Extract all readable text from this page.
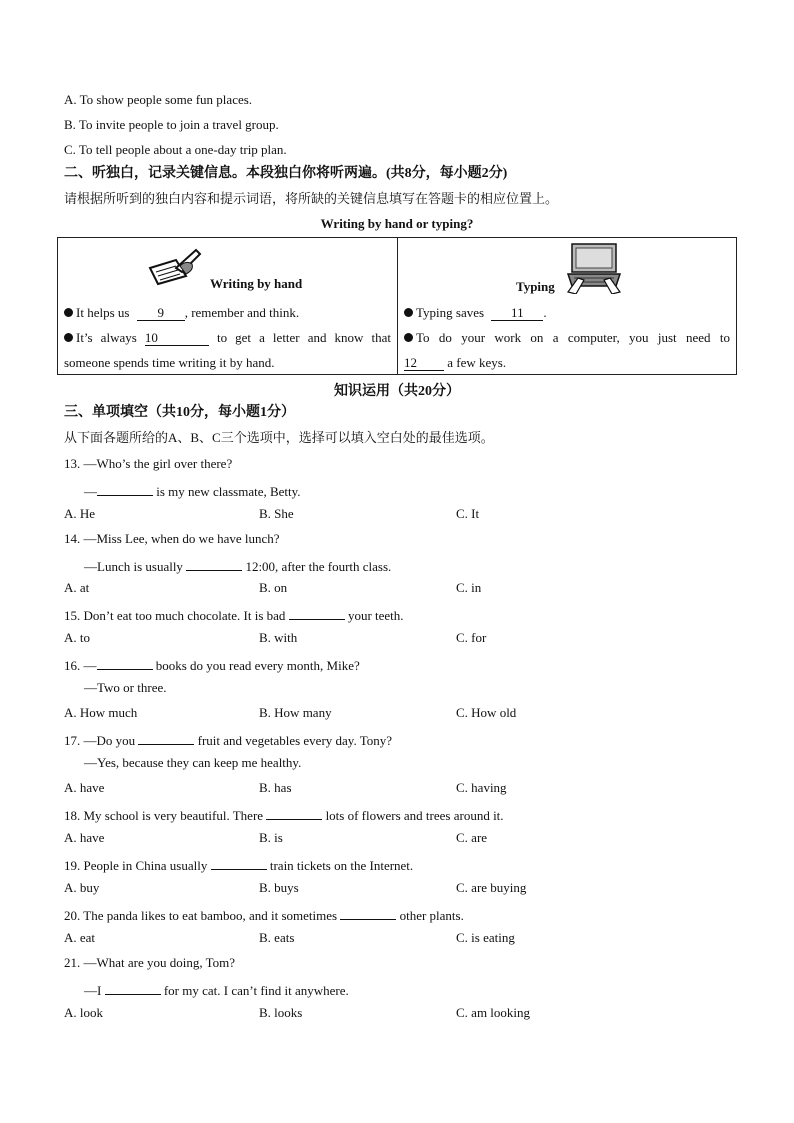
A. To show people some fun places.
B. To invite people to join a travel group.
C. To tell people about a one-day trip plan.
二、听独白，记录关键信息。本段独白你将听两遍。(共8分，每小题2分)
请根据所听到的独白内容和提示词语，将所缺的关键信息填写在答题卡的相应位置上。
Writing by hand or typing?
Writing by hand
It helps us 9 , remember and think.
It’s always 10	to get a letter and know that
someone spends time writing it by hand.
Typing
Typing saves 11 .
To do your work on a computer, you just need to
12 a few keys.
知识运用（共20分）
三、单项填空（共10分，每小题1分）
从下面各题所给的A、B、C三个选项中，选择可以填入空白处的最佳选项。
13. —Who’s the girl over there?
—	is my new classmate, Betty.
A. He	B. She	C. It
14. —Miss Lee, when do we have lunch?
—Lunch is usually	12:00, after the fourth class.
A. at	B. on	C. in
15. Don’t eat too much chocolate. It is bad	your teeth.
A. to	B. with	C. for
16. —	books do you read every month, Mike?
—Two or three.
A. How much	B. How many	C. How old
17. —Do you	fruit and vegetables every day. Tony?
—Yes, because they can keep me healthy.
A. have	B. has	C. having
18. My school is very beautiful. There	lots of flowers and trees around it.
A. have	B. is	C. are
19. People in China usually	train tickets on the Internet.
A. buy	B. buys	C. are buying
20. The panda likes to eat bamboo, and it sometimes	other plants.
A. eat	B. eats	C. is eating
21. —What are you doing, Tom?
—I	for my cat. I can’t find it anywhere.
A. look	B. looks	C. am looking
